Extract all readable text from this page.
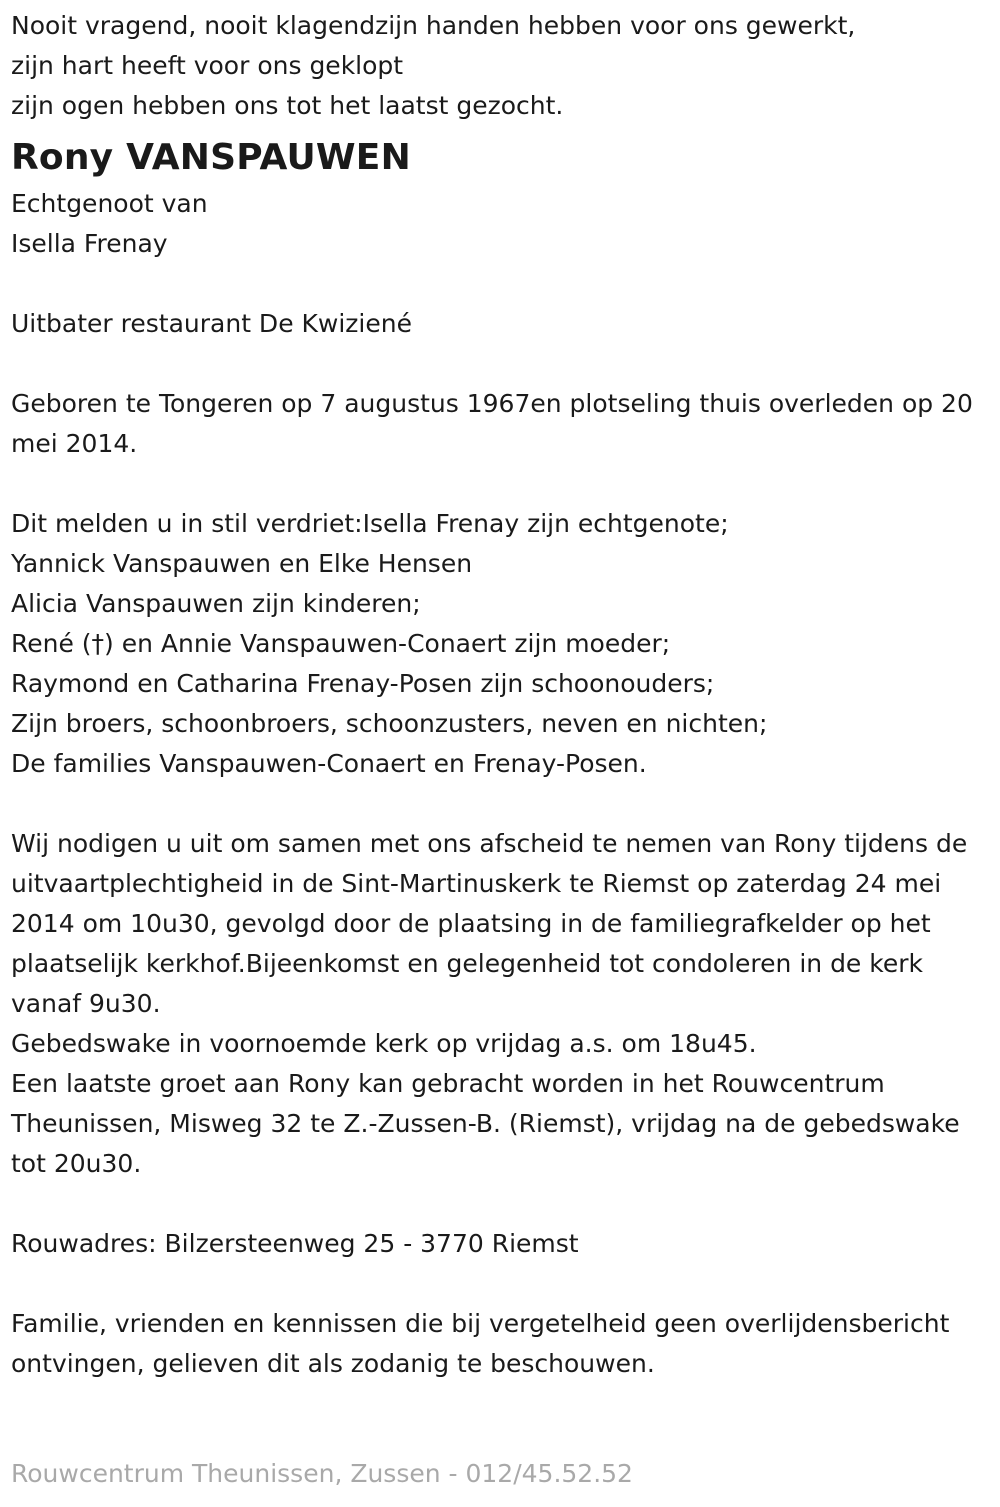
Nooit vragend, nooit klagendzijn handen hebben voor ons gewerkt,

zijn hart heeft voor ons geklopt

zijn ogen hebben ons tot het laatst gezocht.

Rony VANSPAUWEN

Echtgenoot van

Isella Frenay

Uitbater restaurant De Kwiziené

Geboren te Tongeren op 7 augustus 1967en plotseling thuis overleden op 20 mei 2014.

Dit melden u in stil verdriet:Isella Frenay zijn echtgenote;

Yannick Vanspauwen en Elke Hensen

Alicia Vanspauwen zijn kinderen;

René (†) en Annie Vanspauwen-Conaert zijn moeder;

Raymond en Catharina Frenay-Posen zijn schoonouders;

Zijn broers, schoonbroers, schoonzusters, neven en nichten;

De families Vanspauwen-Conaert en Frenay-Posen.

Wij nodigen u uit om samen met ons afscheid te nemen van Rony tijdens de uitvaartplechtigheid in de Sint-Martinuskerk te Riemst op zaterdag 24 mei 2014 om 10u30, gevolgd door de plaatsing in de familiegrafkelder op het plaatselijk kerkhof.Bijeenkomst en gelegenheid tot condoleren in de kerk vanaf 9u30.

Gebedswake in voornoemde kerk op vrijdag a.s. om 18u45.

Een laatste groet aan Rony kan gebracht worden in het Rouwcentrum Theunissen, Misweg 32 te Z.-Zussen-B. (Riemst), vrijdag na de gebedswake tot 20u30.

Rouwadres: Bilzersteenweg 25 - 3770 Riemst

Familie, vrienden en kennissen die bij vergetelheid geen overlijdensbericht ontvingen, gelieven dit als zodanig te beschouwen.

Rouwcentrum Theunissen, Zussen - 012/45.52.52
